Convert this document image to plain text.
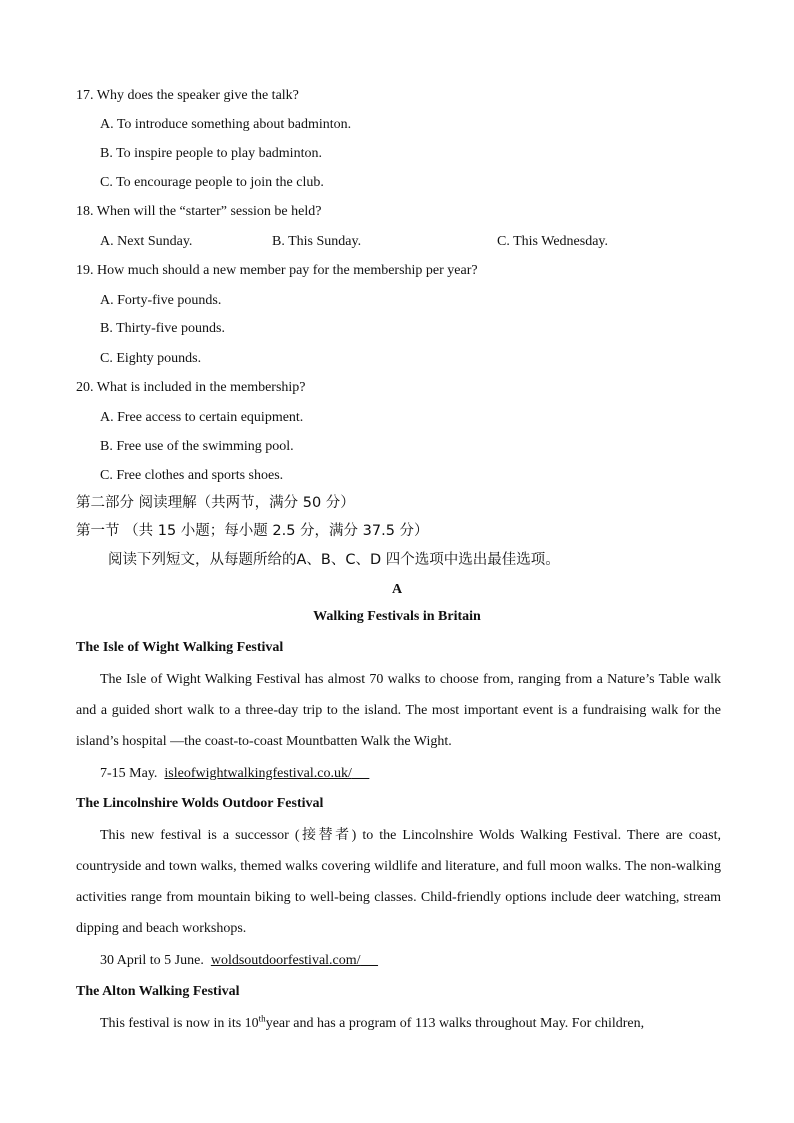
17. Why does the speaker give the talk?
A. To introduce something about badminton.
B. To inspire people to play badminton.
C. To encourage people to join the club.
18. When will the “starter” session be held?
A. Next Sunday.	B. This Sunday.	C. This Wednesday.
19. How much should a new member pay for the membership per year?
A. Forty-five pounds.
B. Thirty-five pounds.
C. Eighty pounds.
20. What is included in the membership?
A. Free access to certain equipment.
B. Free use of the swimming pool.
C. Free clothes and sports shoes.
第二部分 阅读理解（共两节，满分 50 分）
第一节 （共 15 小题；每小题 2.5 分，满分 37.5 分）
阅读下列短文，从每题所给的A、B、C、D 四个选项中选出最佳选项。
A
Walking Festivals in Britain
The Isle of Wight Walking Festival
The Isle of Wight Walking Festival has almost 70 walks to choose from, ranging from a Nature’s Table walk and a guided short walk to a three-day trip to the island. The most important event is a fundraising walk for the island’s hospital —the coast-to-coast Mountbatten Walk the Wight.
7-15 May. isleofwightwalkingfestival.co.uk/
The Lincolnshire Wolds Outdoor Festival
This new festival is a successor (接替者) to the Lincolnshire Wolds Walking Festival. There are coast, countryside and town walks, themed walks covering wildlife and literature, and full moon walks. The non-walking activities range from mountain biking to well-being classes. Child-friendly options include deer watching, stream dipping and beach workshops.
30 April to 5 June. woldsoutdoorfestival.com/
The Alton Walking Festival
This festival is now in its 10thyear and has a program of 113 walks throughout May. For children,
